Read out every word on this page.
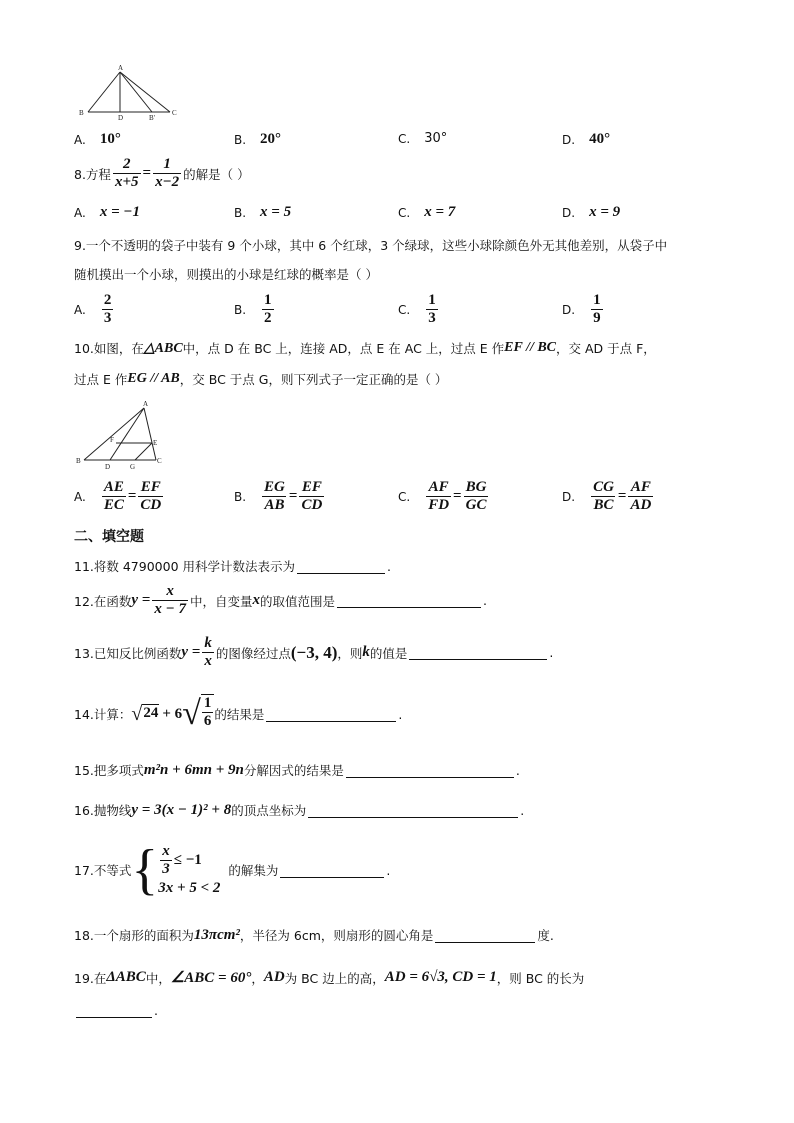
A
B
D	B'
C
A. 10°	B. 20°	C. 30°	D. 40°
8.方程 $\frac{2}{x+5} = \frac{1}{x-2}$ 的解是（ ）
A. x = −1	B. x = 5	C. x = 7	D. x = 9
9.一个不透明的袋子中装有 9 个小球，其中 6 个红球，3 个绿球，这些小球除颜色外无其他差别，从袋子中
随机摸出一个小球，则摸出的小球是红球的概率是（ ）
A. $\frac{2}{3}$	B. $\frac{1}{2}$	C. $\frac{1}{3}$	D. $\frac{1}{9}$
10.如图，在 △ABC 中，点 D 在 BC 上，连接 AD，点 E 在 AC 上，过点 E 作 EF // BC ，交 AD 于点 F，
过点 E 作 EG // AB ，交 BC 于点 G，则下列式子一定正确的是（ ）
A
F	E
B
D	G
C
A. $\frac{AE}{EC} = \frac{EF}{CD}$	B. $\frac{EG}{AB} = \frac{EF}{CD}$	C. $\frac{AF}{FD} = \frac{BG}{GC}$	D. $\frac{CG}{BC} = \frac{AF}{AD}$
二、填空题
11.将数 4790000 用科学计数法表示为	.
12.在函数 $y = \frac{x}{x - 7}$ 中，自变量 x 的取值范围是	.
13.已知反比例函数 $y = \frac{k}{x}$ 的图像经过点 (−3, 4) ，则 k 的值是	.
14.计算： √ 24 + 6 √ $\frac{1}{6}$ 的结果是	.
15.把多项式 m²n + 6mn + 9n 分解因式的结果是	.
16.抛物线 y = 3(x − 1)² + 8 的顶点坐标为	.
17.不等式 { $\frac{x}{3} \le -1$
3x + 5 < 2
的解集为	.
18.一个扇形的面积为 13πcm² ，半径为 6cm，则扇形的圆心角是	度.
19.在 ΔABC 中， ∠ABC = 60° ， AD 为 BC 边上的高， AD = 6√3, CD = 1 ，则 BC 的长为
.
